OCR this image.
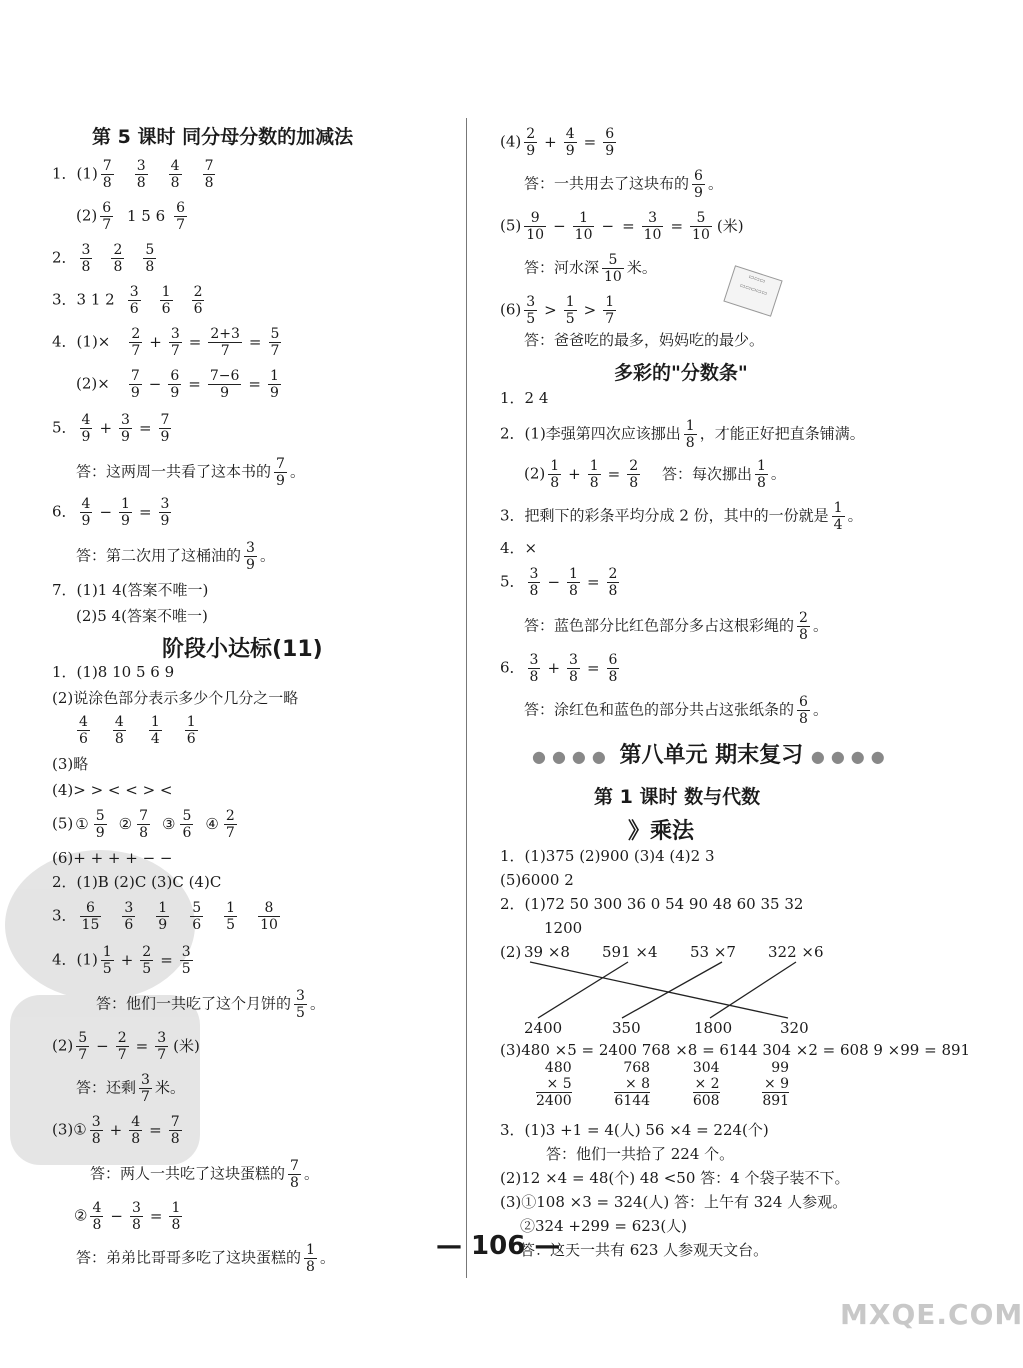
第 5 课时 同分母分数的加减法
1．$(1) \frac{7}{8} \frac{3}{8} \frac{4}{8} \frac{7}{8}$
$(2) \frac{6}{7} 1$ 5 $6 \frac{6}{7}$
2． $\frac{3}{8} \frac{2}{8} \frac{5}{8}$
3．3 1 $2 \frac{3}{6} \frac{1}{6} \frac{2}{6}$
4．$(1)\times \frac{2}{7} + \frac{3}{7} = \frac{2+3}{7} = \frac{5}{7}$
$(2)\times \frac{7}{9} - \frac{6}{9} = \frac{7-6}{9} = \frac{1}{9}$
5． $\frac{4}{9} + \frac{3}{9} = \frac{7}{9}$
答：这两周一共看了这本书的 $\frac{7}{9}$ 。
6． $\frac{4}{9} - \frac{1}{9} = \frac{3}{9}$
答：第二次用了这桶油的 $\frac{3}{9}$ 。
7．(1)1 4(答案不唯一)
(2)5 4(答案不唯一)
阶段小达标(11)
1．(1)8 10 5 6 9
(2)说涂色部分表示多少个几分之一略
$\frac{4}{6} \frac{4}{8} \frac{1}{4} \frac{1}{6}$
(3)略
(4)> > < < > <
(5) ① $\frac{5}{9}$ ② $\frac{7}{8}$ ③ $\frac{5}{6}$ ④ $\frac{2}{7}$
(6)+ + + + − −
2．(1)B (2)C (3)C (4)C
3． $\frac{6}{15} \frac{3}{6} \frac{1}{9} \frac{5}{6} \frac{1}{5} \frac{8}{10}$
4．$(1) \frac{1}{5} + \frac{2}{5} = \frac{3}{5}$
答：他们一共吃了这个月饼的 $\frac{3}{5}$ 。
$(2) \frac{5}{7} - \frac{2}{7} = \frac{3}{7}$ (米)
答：还剩 $\frac{3}{7}$ 米。
(3)① $\frac{3}{8} + \frac{4}{8} = \frac{7}{8}$
答：两人一共吃了这块蛋糕的 $\frac{7}{8}$ 。
② $\frac{4}{8} - \frac{3}{8} = \frac{1}{8}$
答：弟弟比哥哥多吃了这块蛋糕的 $\frac{1}{8}$ 。
$(4) \frac{2}{9} + \frac{4}{9} = \frac{6}{9}$
答：一共用去了这块布的 $\frac{6}{9}$ 。
$(5) \frac{9}{10} - \frac{1}{10}$ − = $\frac{3}{10} = \frac{5}{10}$ (米)
答：河水深 $\frac{5}{10}$ 米。
▭▭▭
▭▭▭▭▭
$(6) \frac{3}{5} > \frac{1}{5} > \frac{1}{7}$
答：爸爸吃的最多，妈妈吃的最少。
多彩的"分数条"
1．2 4
2．(1)李强第四次应该挪出 $\frac{1}{8}$ ，才能正好把直条铺满。
$(2) \frac{1}{8} + \frac{1}{8} = \frac{2}{8}$ 答：每次挪出 $\frac{1}{8}$ 。
3．把剩下的彩条平均分成 2 份，其中的一份就是 $\frac{1}{4}$ 。
4．×
5． $\frac{3}{8} - \frac{1}{8} = \frac{2}{8}$
答：蓝色部分比红色部分多占这根彩绳的 $\frac{2}{8}$ 。
6． $\frac{3}{8} + \frac{3}{8} = \frac{6}{8}$
答：涂红色和蓝色的部分共占这张纸条的 $\frac{6}{8}$ 。
●●●● 第八单元 期末复习 ●●●●
第 1 课时 数与代数
》乘法
1．(1)375 (2)900 (3)4 (4)2 3
(5)6000 2
2．(1)72 50 300 36 0 54 90 48 60 35 32
1200
(2) 39 ×8 591 ×4 53 ×7 322 ×6
2400	350	1800	320
(3)480 ×5 = 2400 768 ×8 = 6144 304 ×2 = 608 9 ×99 = 891
480
× 5
2400
768
× 8
6144
304
× 2
608
99
× 9
891
3．(1)3 +1 = 4(人) 56 ×4 = 224(个)
答：他们一共拾了 224 个。
(2)12 ×4 = 48(个) 48 <50 答：4 个袋子装不下。
(3)①108 ×3 = 324(人) 答：上午有 324 人参观。
②324 +299 = 623(人)
答：这天一共有 623 人参观天文台。
— 106 —
MXQE.COM
